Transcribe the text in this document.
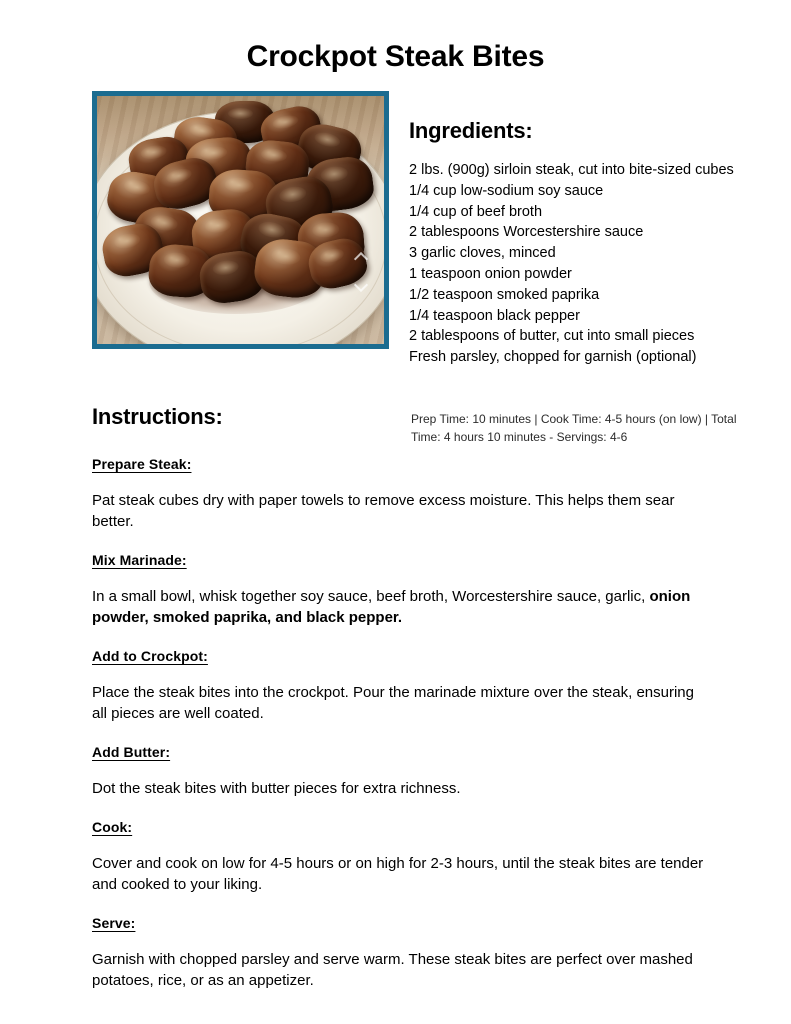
Crockpot Steak Bites
Ingredients:
2 lbs. (900g) sirloin steak, cut into bite-sized cubes
1/4 cup low-sodium soy sauce
1/4 cup of beef broth
2 tablespoons Worcestershire sauce
3 garlic cloves, minced
1 teaspoon onion powder
1/2 teaspoon smoked paprika
1/4 teaspoon black pepper
2 tablespoons of butter, cut into small pieces
Fresh parsley, chopped for garnish (optional)
Instructions:	Prep Time: 10 minutes | Cook Time: 4-5 hours (on low) | Total Time: 4 hours 10 minutes - Servings: 4-6
Prepare Steak:
Pat steak cubes dry with paper towels to remove excess moisture. This helps them sear better.
Mix Marinade:
In a small bowl, whisk together soy sauce, beef broth, Worcestershire sauce, garlic, onion powder, smoked paprika, and black pepper.
Add to Crockpot:
Place the steak bites into the crockpot. Pour the marinade mixture over the steak, ensuring all pieces are well coated.
Add Butter:
Dot the steak bites with butter pieces for extra richness.
Cook:
Cover and cook on low for 4-5 hours or on high for 2-3 hours, until the steak bites are tender and cooked to your liking.
Serve:
Garnish with chopped parsley and serve warm. These steak bites are perfect over mashed potatoes, rice, or as an appetizer.
